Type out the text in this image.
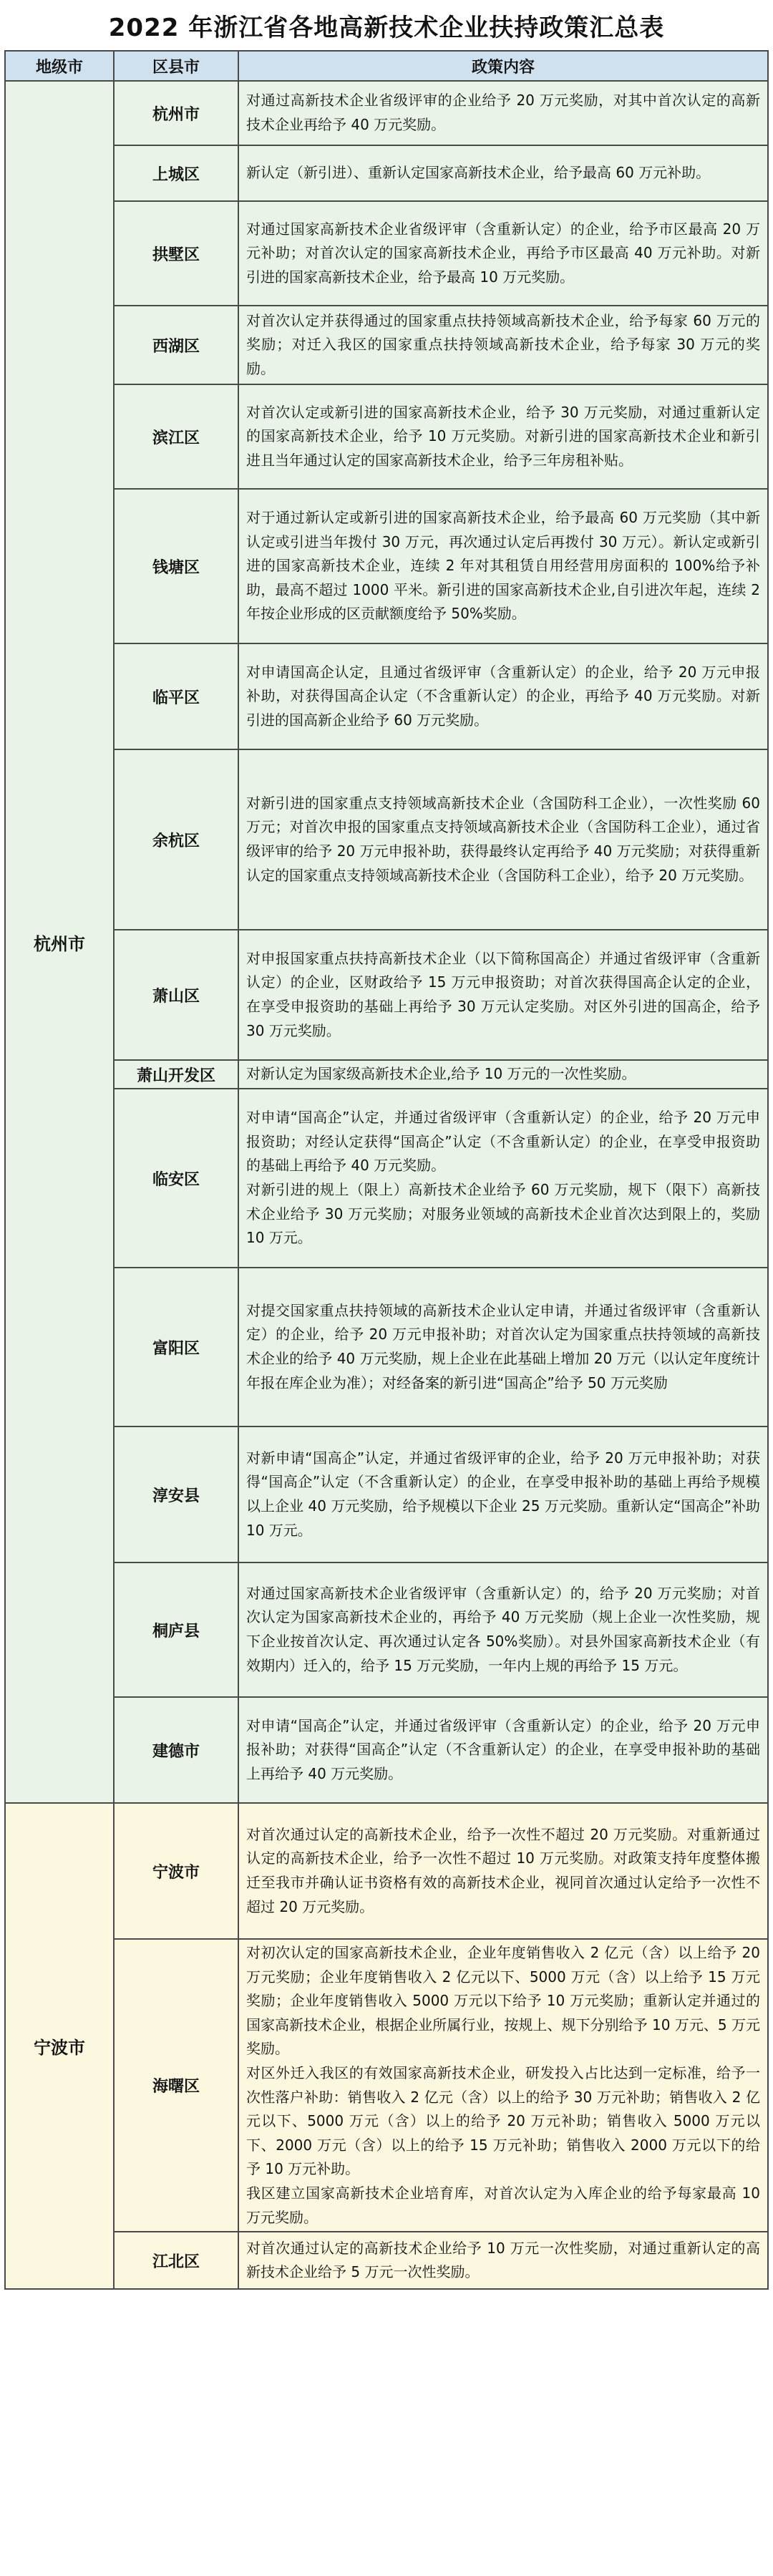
2022 年浙江省各地高新技术企业扶持政策汇总表
地级市	区县市	政策内容
杭州市	杭州市	对通过高新技术企业省级评审的企业给予 20 万元奖励，对其中首次认定的高新技术企业再给予 40 万元奖励。
	上城区	新认定（新引进）、重新认定国家高新技术企业，给予最高 60 万元补助。
	拱墅区	对通过国家高新技术企业省级评审（含重新认定）的企业，给予市区最高 20 万元补助；对首次认定的国家高新技术企业，再给予市区最高 40 万元补助。对新引进的国家高新技术企业，给予最高 10 万元奖励。
	西湖区	对首次认定并获得通过的国家重点扶持领域高新技术企业，给予每家 60 万元的奖励；对迁入我区的国家重点扶持领域高新技术企业，给予每家 30 万元的奖励。
	滨江区	对首次认定或新引进的国家高新技术企业，给予 30 万元奖励，对通过重新认定的国家高新技术企业，给予 10 万元奖励。对新引进的国家高新技术企业和新引进且当年通过认定的国家高新技术企业，给予三年房租补贴。
	钱塘区	对于通过新认定或新引进的国家高新技术企业，给予最高 60 万元奖励（其中新认定或引进当年拨付 30 万元，再次通过认定后再拨付 30 万元）。新认定或新引进的国家高新技术企业，连续 2 年对其租赁自用经营用房面积的 100%给予补助，最高不超过 1000 平米。新引进的国家高新技术企业,自引进次年起，连续 2 年按企业形成的区贡献额度给予 50%奖励。
	临平区	对申请国高企认定，且通过省级评审（含重新认定）的企业，给予 20 万元申报补助，对获得国高企认定（不含重新认定）的企业，再给予 40 万元奖励。对新引进的国高新企业给予 60 万元奖励。
	余杭区	对新引进的国家重点支持领域高新技术企业（含国防科工企业），一次性奖励 60 万元；对首次申报的国家重点支持领域高新技术企业（含国防科工企业），通过省级评审的给予 20 万元申报补助，获得最终认定再给予 40 万元奖励；对获得重新认定的国家重点支持领域高新技术企业（含国防科工企业），给予 20 万元奖励。
	萧山区	对申报国家重点扶持高新技术企业（以下简称国高企）并通过省级评审（含重新认定）的企业，区财政给予 15 万元申报资助；对首次获得国高企认定的企业，在享受申报资助的基础上再给予 30 万元认定奖励。对区外引进的国高企，给予 30 万元奖励。
	萧山开发区	对新认定为国家级高新技术企业,给予 10 万元的一次性奖励。
	临安区	对申请“国高企”认定，并通过省级评审（含重新认定）的企业，给予 20 万元申报资助；对经认定获得“国高企”认定（不含重新认定）的企业，在享受申报资助的基础上再给予 40 万元奖励。
对新引进的规上（限上）高新技术企业给予 60 万元奖励，规下（限下）高新技术企业给予 30 万元奖励；对服务业领域的高新技术企业首次达到限上的，奖励 10 万元。
	富阳区	对提交国家重点扶持领域的高新技术企业认定申请，并通过省级评审（含重新认定）的企业，给予 20 万元申报补助；对首次认定为国家重点扶持领域的高新技术企业的给予 40 万元奖励，规上企业在此基础上增加 20 万元（以认定年度统计年报在库企业为准）；对经备案的新引进“国高企”给予 50 万元奖励
	淳安县	对新申请“国高企”认定，并通过省级评审的企业，给予 20 万元申报补助；对获得“国高企”认定（不含重新认定）的企业，在享受申报补助的基础上再给予规模以上企业 40 万元奖励，给予规模以下企业 25 万元奖励。重新认定“国高企”补助 10 万元。
	桐庐县	对通过国家高新技术企业省级评审（含重新认定）的，给予 20 万元奖励；对首次认定为国家高新技术企业的，再给予 40 万元奖励（规上企业一次性奖励，规下企业按首次认定、再次通过认定各 50%奖励）。对县外国家高新技术企业（有效期内）迁入的，给予 15 万元奖励，一年内上规的再给予 15 万元。
	建德市	对申请“国高企”认定，并通过省级评审（含重新认定）的企业，给予 20 万元申报补助；对获得“国高企”认定（不含重新认定）的企业，在享受申报补助的基础上再给予 40 万元奖励。
宁波市	宁波市	对首次通过认定的高新技术企业，给予一次性不超过 20 万元奖励。对重新通过认定的高新技术企业，给予一次性不超过 10 万元奖励。对政策支持年度整体搬迁至我市并确认证书资格有效的高新技术企业，视同首次通过认定给予一次性不超过 20 万元奖励。
	海曙区	对初次认定的国家高新技术企业，企业年度销售收入 2 亿元（含）以上给予 20 万元奖励；企业年度销售收入 2 亿元以下、5000 万元（含）以上给予 15 万元奖励；企业年度销售收入 5000 万元以下给予 10 万元奖励；重新认定并通过的国家高新技术企业，根据企业所属行业，按规上、规下分别给予 10 万元、5 万元奖励。
对区外迁入我区的有效国家高新技术企业，研发投入占比达到一定标准，给予一次性落户补助：销售收入 2 亿元（含）以上的给予 30 万元补助；销售收入 2 亿元以下、5000 万元（含）以上的给予 20 万元补助；销售收入 5000 万元以下、2000 万元（含）以上的给予 15 万元补助；销售收入 2000 万元以下的给予 10 万元补助。
我区建立国家高新技术企业培育库，对首次认定为入库企业的给予每家最高 10 万元奖励。
	江北区	对首次通过认定的高新技术企业给予 10 万元一次性奖励，对通过重新认定的高新技术企业给予 5 万元一次性奖励。
